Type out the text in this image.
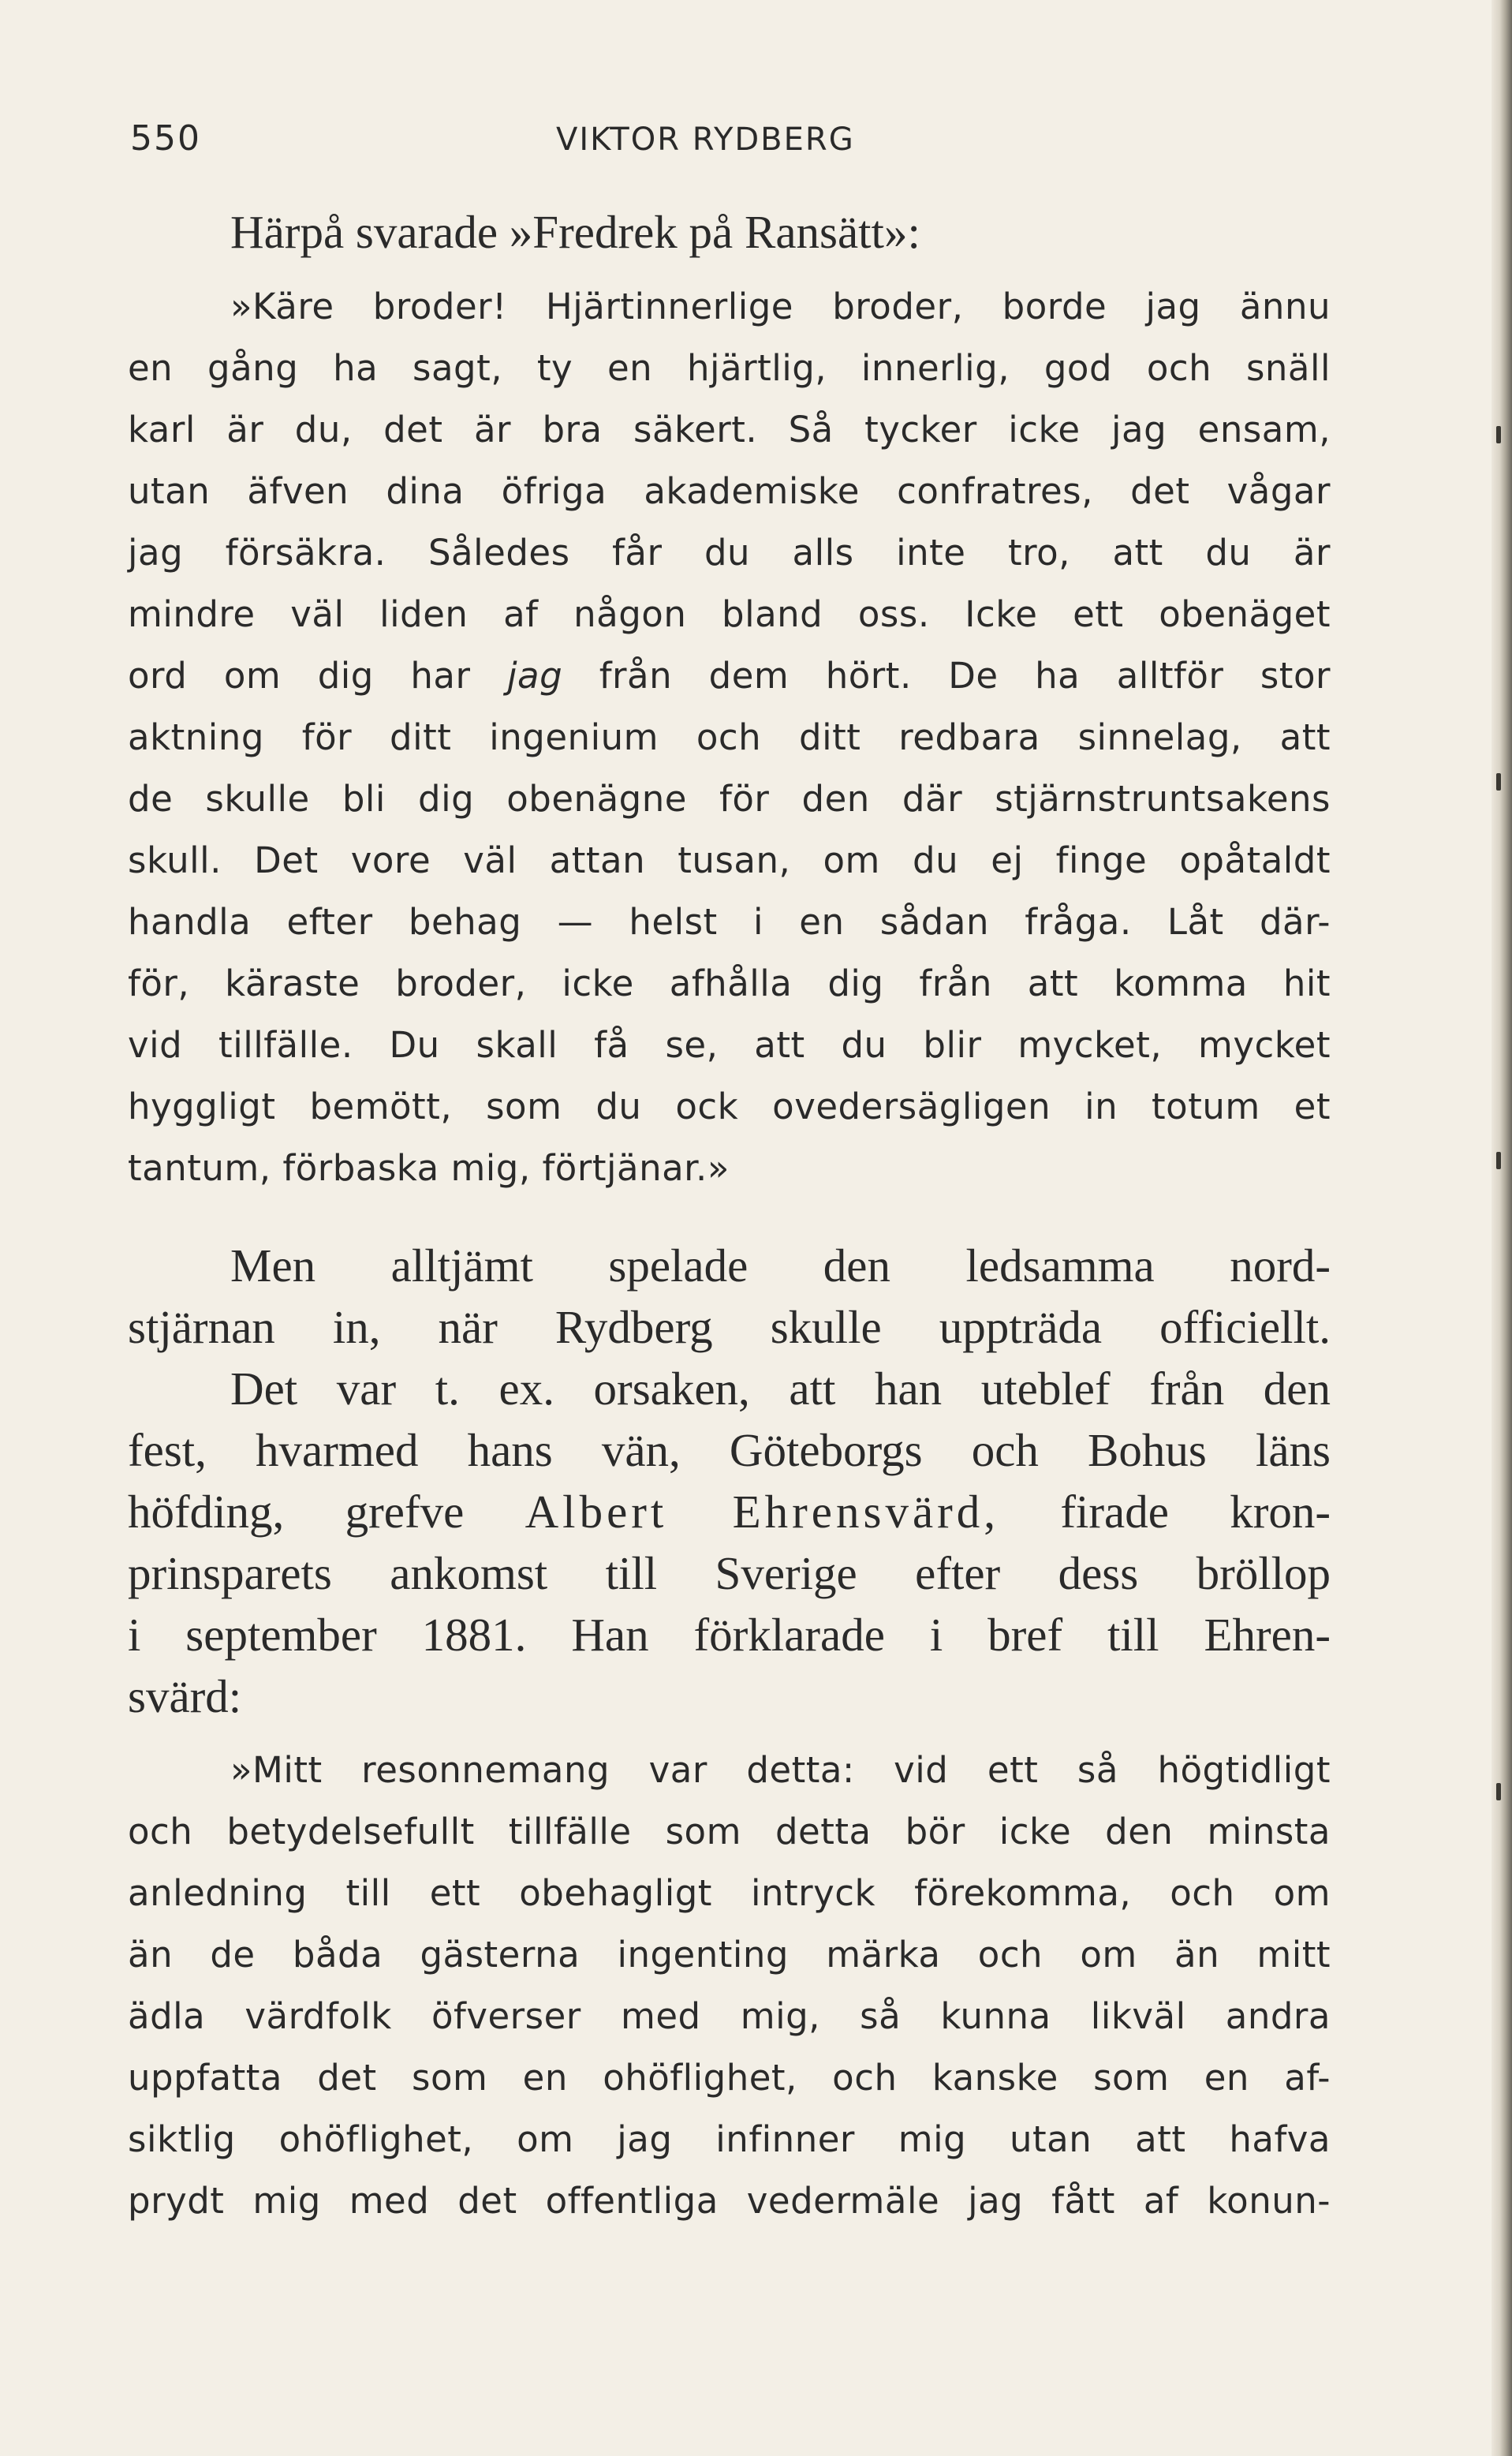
550	VIKTOR RYDBERG

Härpå svarade »Fredrek på Ransätt»:

»Käre broder! Hjärtinnerlige broder, borde jag ännu
en gång ha sagt, ty en hjärtlig, innerlig, god och snäll
karl är du, det är bra säkert. Så tycker icke jag ensam,
utan äfven dina öfriga akademiske confratres, det vågar
jag försäkra. Således får du alls inte tro, att du är
mindre väl liden af någon bland oss. Icke ett obenäget
ord om dig har jag från dem hört. De ha alltför stor
aktning för ditt ingenium och ditt redbara sinnelag, att
de skulle bli dig obenägne för den där stjärnstruntsakens
skull. Det vore väl attan tusan, om du ej finge opåtaldt
handla efter behag — helst i en sådan fråga. Låt där-
för, käraste broder, icke afhålla dig från att komma hit
vid tillfälle. Du skall få se, att du blir mycket, mycket
hyggligt bemött, som du ock ovedersägligen in totum et
tantum, förbaska mig, förtjänar.»

Men alltjämt spelade den ledsamma nord-
stjärnan in, när Rydberg skulle uppträda officiellt.
Det var t. ex. orsaken, att han uteblef från den
fest, hvarmed hans vän, Göteborgs och Bohus läns
höfding, grefve Albert Ehrensvärd, firade kron-
prinsparets ankomst till Sverige efter dess bröllop
i september 1881. Han förklarade i bref till Ehren-
svärd:

»Mitt resonnemang var detta: vid ett så högtidligt
och betydelsefullt tillfälle som detta bör icke den minsta
anledning till ett obehagligt intryck förekomma, och om
än de båda gästerna ingenting märka och om än mitt
ädla värdfolk öfverser med mig, så kunna likväl andra
uppfatta det som en ohöflighet, och kanske som en af-
siktlig ohöflighet, om jag infinner mig utan att hafva
prydt mig med det offentliga vedermäle jag fått af konun-
